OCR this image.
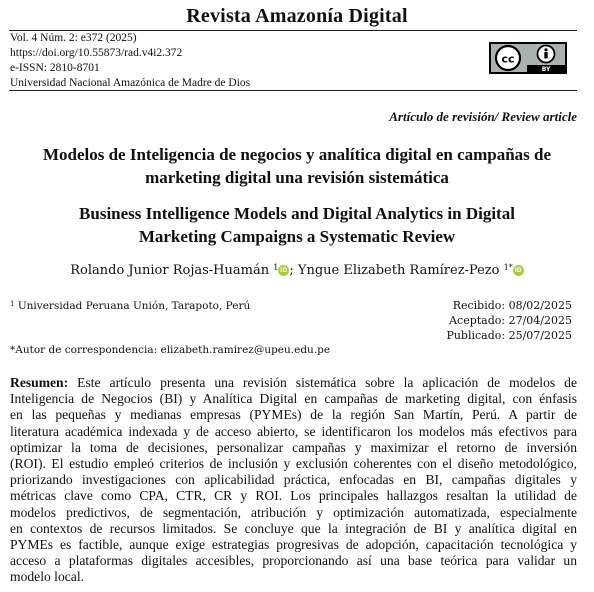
Revista Amazonía Digital
Vol. 4 Núm. 2: e372 (2025)
https://doi.org/10.55873/rad.v4i2.372
e-ISSN: 2810-8701
Universidad Nacional Amazónica de Madre de Dios
cc
BY
Artículo de revisión/ Review article
Modelos de Inteligencia de negocios y analítica digital en campañas de
marketing digital una revisión sistemática
Business Intelligence Models and Digital Analytics in Digital
Marketing Campaigns a Systematic Review
Rolando Junior Rojas-Huamán $^1$ iD ; Yngue Elizabeth Ramírez-Pezo $^{1*}$ iD
$^1$ Universidad Peruana Unión, Tarapoto, Perú	Recibido: 08/02/2025
Aceptado: 27/04/2025
Publicado: 25/07/2025
*Autor de correspondencia: elizabeth.ramirez@upeu.edu.pe
Resumen: Este artículo presenta una revisión sistemática sobre la aplicación de modelos de
Inteligencia de Negocios (BI) y Analítica Digital en campañas de marketing digital, con énfasis
en las pequeñas y medianas empresas (PYMEs) de la región San Martín, Perú. A partir de
literatura académica indexada y de acceso abierto, se identificaron los modelos más efectivos para
optimizar la toma de decisiones, personalizar campañas y maximizar el retorno de inversión
(ROI). El estudio empleó criterios de inclusión y exclusión coherentes con el diseño metodológico,
priorizando investigaciones con aplicabilidad práctica, enfocadas en BI, campañas digitales y
métricas clave como CPA, CTR, CR y ROI. Los principales hallazgos resaltan la utilidad de
modelos predictivos, de segmentación, atribución y optimización automatizada, especialmente
en contextos de recursos limitados. Se concluye que la integración de BI y analítica digital en
PYMEs es factible, aunque exige estrategias progresivas de adopción, capacitación tecnológica y
acceso a plataformas digitales accesibles, proporcionando así una base teórica para validar un
modelo local.
